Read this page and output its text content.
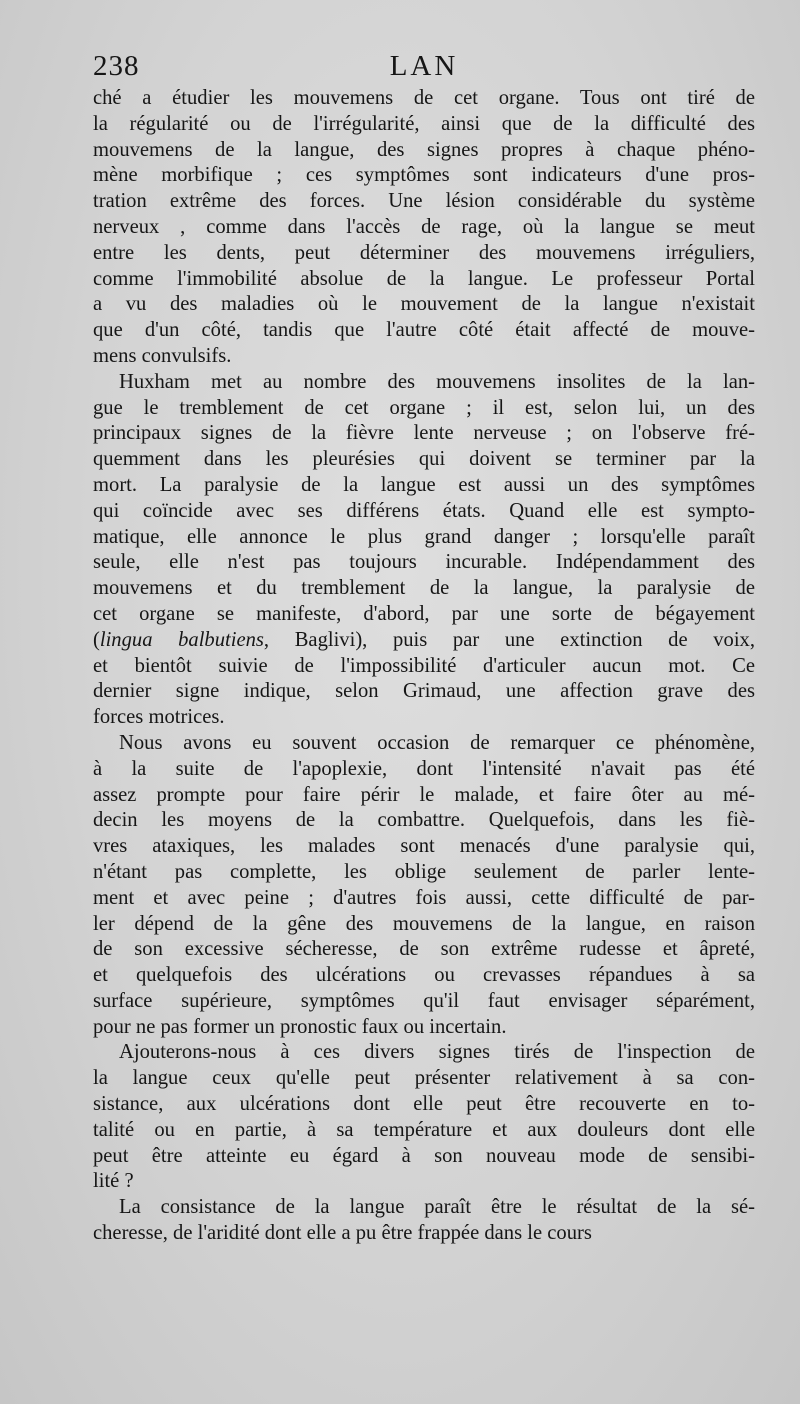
238	LAN
ché a étudier les mouvemens de cet organe. Tous ont tiré de
la régularité ou de l'irrégularité, ainsi que de la difficulté des
mouvemens de la langue, des signes propres à chaque phéno-
mène morbifique ; ces symptômes sont indicateurs d'une pros-
tration extrême des forces. Une lésion considérable du système
nerveux , comme dans l'accès de rage, où la langue se meut
entre les dents, peut déterminer des mouvemens irréguliers,
comme l'immobilité absolue de la langue. Le professeur Portal
a vu des maladies où le mouvement de la langue n'existait
que d'un côté, tandis que l'autre côté était affecté de mouve-
mens convulsifs.
Huxham met au nombre des mouvemens insolites de la lan-
gue le tremblement de cet organe ; il est, selon lui, un des
principaux signes de la fièvre lente nerveuse ; on l'observe fré-
quemment dans les pleurésies qui doivent se terminer par la
mort. La paralysie de la langue est aussi un des symptômes
qui coïncide avec ses différens états. Quand elle est sympto-
matique, elle annonce le plus grand danger ; lorsqu'elle paraît
seule, elle n'est pas toujours incurable. Indépendamment des
mouvemens et du tremblement de la langue, la paralysie de
cet organe se manifeste, d'abord, par une sorte de bégayement
(lingua balbutiens, Baglivi), puis par une extinction de voix,
et bientôt suivie de l'impossibilité d'articuler aucun mot. Ce
dernier signe indique, selon Grimaud, une affection grave des
forces motrices.
Nous avons eu souvent occasion de remarquer ce phénomène,
à la suite de l'apoplexie, dont l'intensité n'avait pas été
assez prompte pour faire périr le malade, et faire ôter au mé-
decin les moyens de la combattre. Quelquefois, dans les fiè-
vres ataxiques, les malades sont menacés d'une paralysie qui,
n'étant pas complette, les oblige seulement de parler lente-
ment et avec peine ; d'autres fois aussi, cette difficulté de par-
ler dépend de la gêne des mouvemens de la langue, en raison
de son excessive sécheresse, de son extrême rudesse et âpreté,
et quelquefois des ulcérations ou crevasses répandues à sa
surface supérieure, symptômes qu'il faut envisager séparément,
pour ne pas former un pronostic faux ou incertain.
Ajouterons-nous à ces divers signes tirés de l'inspection de
la langue ceux qu'elle peut présenter relativement à sa con-
sistance, aux ulcérations dont elle peut être recouverte en to-
talité ou en partie, à sa température et aux douleurs dont elle
peut être atteinte eu égard à son nouveau mode de sensibi-
lité ?
La consistance de la langue paraît être le résultat de la sé-
cheresse, de l'aridité dont elle a pu être frappée dans le cours
